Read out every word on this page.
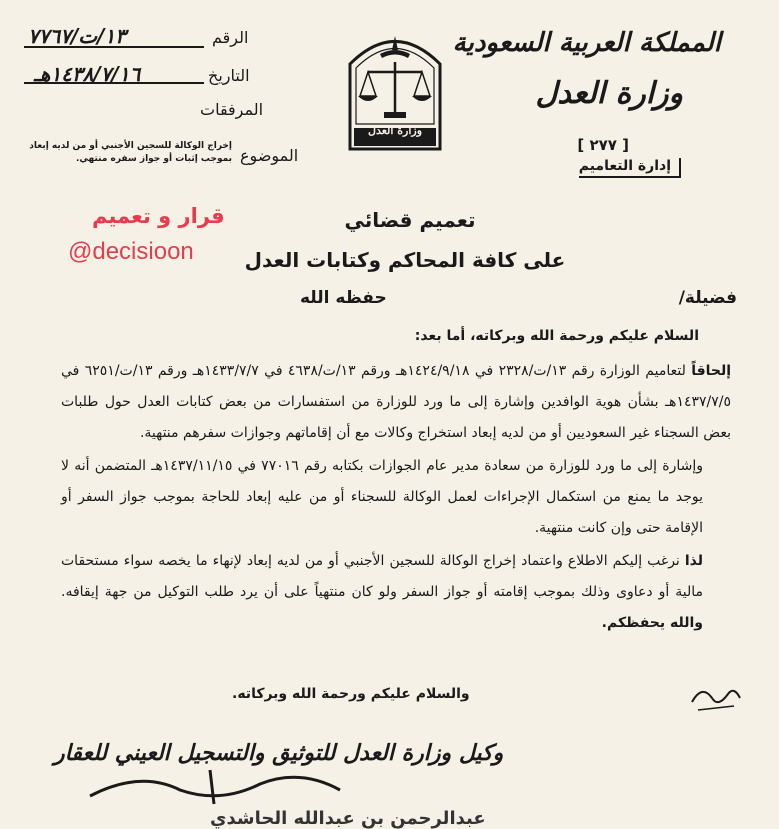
المملكة العربية السعودية
وزارة العدل
[ ٢٧٧ ]
إدارة التعاميم
وزارة العدل
الرقم
١٣/ت/٧٧٦٧
التاريخ
١٤٣٨/٧/١٦هـ
المرفقات
الموضوع
إخراج الوكالة للسجين الأجنبي أو من لديه إبعاد بموجب إثبات أو جواز سفره منتهي.
قرار و تعميم
@decisioon
تعميم قضائي
على كافة المحاكم وكتابات العدل
فضيلة/
حفظه الله
السلام عليكم ورحمة الله وبركاته، أما بعد:

إلحاقاً لتعاميم الوزارة رقم ١٣/ت/٢٣٢٨ في ١٤٢٤/٩/١٨هـ ورقم ١٣/ت/٤٦٣٨ في ١٤٣٣/٧/٧هـ ورقم ١٣/ت/٦٢٥١ في ١٤٣٧/٧/٥هـ بشأن هوية الوافدين وإشارة إلى ما ورد للوزارة من استفسارات من بعض كتابات العدل حول طلبات بعض السجناء غير السعوديين أو من لديه إبعاد استخراج وكالات مع أن إقاماتهم وجوازات سفرهم منتهية.

وإشارة إلى ما ورد للوزارة من سعادة مدير عام الجوازات بكتابه رقم ٧٧٠١٦ في ١٤٣٧/١١/١٥هـ المتضمن أنه لا يوجد ما يمنع من استكمال الإجراءات لعمل الوكالة للسجناء أو من عليه إبعاد للحاجة بموجب جواز السفر أو الإقامة حتى وإن كانت منتهية.

لذا نرغب إليكم الاطلاع واعتماد إخراج الوكالة للسجين الأجنبي أو من لديه إبعاد لإنهاء ما يخصه سواء مستحقات مالية أو دعاوى وذلك بموجب إقامته أو جواز السفر ولو كان منتهياً على أن يرد طلب التوكيل من جهة إيقافه. والله يحفظكم.

والسلام عليكم ورحمة الله وبركاته.
وكيل وزارة العدل للتوثيق والتسجيل العيني للعقار
عبدالرحمن بن عبدالله الحاشدي
